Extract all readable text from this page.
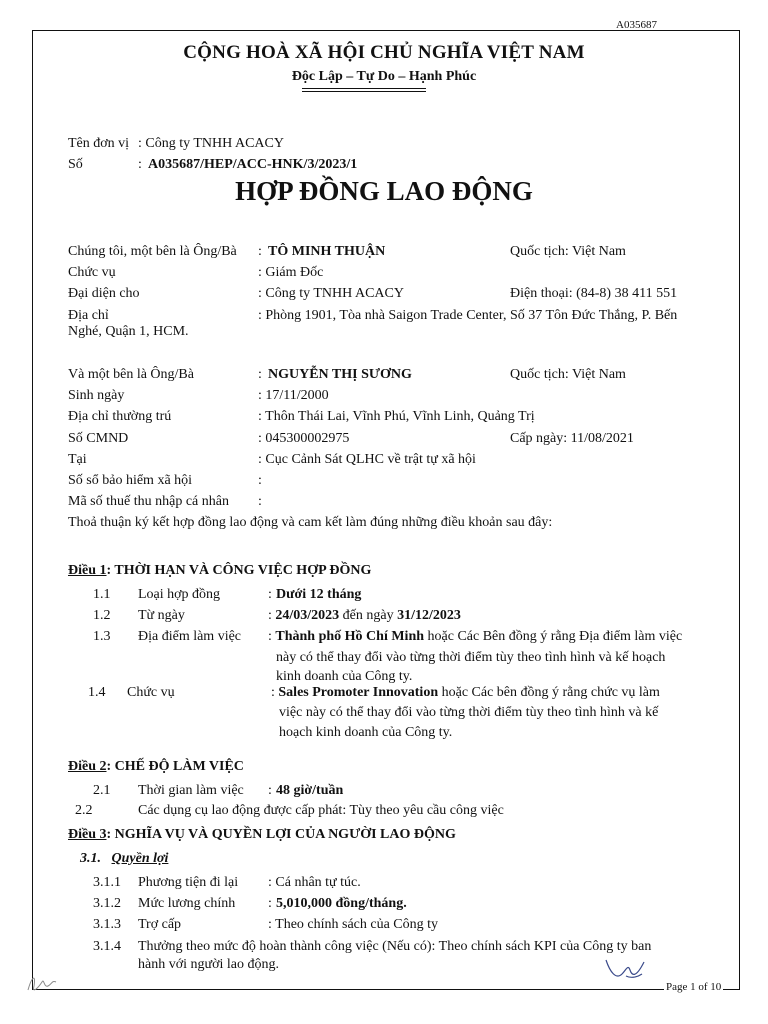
A035687
CỘNG HOÀ XÃ HỘI CHỦ NGHĨA VIỆT NAM
Độc Lập – Tự Do – Hạnh Phúc
Tên đơn vị : Công ty TNHH ACACY
Số	: A035687/HEP/ACC-HNK/3/2023/1
HỢP ĐỒNG LAO ĐỘNG
Chúng tôi, một bên là Ông/Bà : TÔ MINH THUẬN	Quốc tịch: Việt Nam
Chức vụ	: Giám Đốc
Đại diện cho	: Công ty TNHH ACACY	Điện thoại: (84-8) 38 411 551
Địa chỉ	: Phòng 1901, Tòa nhà Saigon Trade Center, Số 37 Tôn Đức Thắng, P. Bến
Nghé, Quận 1, HCM.
Và một bên là Ông/Bà	: NGUYỄN THỊ SƯƠNG	Quốc tịch: Việt Nam
Sinh ngày	: 17/11/2000
Địa chỉ thường trú	: Thôn Thái Lai, Vĩnh Phú, Vĩnh Linh, Quảng Trị
Số CMND	: 045300002975	Cấp ngày: 11/08/2021
Tại	: Cục Cảnh Sát QLHC về trật tự xã hội
Số sổ bảo hiểm xã hội	:
Mã số thuế thu nhập cá nhân :
Thoả thuận ký kết hợp đồng lao động và cam kết làm đúng những điều khoản sau đây:
Điều 1: THỜI HẠN VÀ CÔNG VIỆC HỢP ĐỒNG
1.1 Loại hợp đồng	: Dưới 12 tháng
1.2 Từ ngày	: 24/03/2023 đến ngày 31/12/2023
1.3 Địa điểm làm việc : Thành phố Hồ Chí Minh hoặc Các Bên đồng ý rằng Địa điểm làm việc
này có thể thay đổi vào từng thời điểm tùy theo tình hình và kế hoạch
kinh doanh của Công ty.
1.4 Chức vụ	: Sales Promoter Innovation hoặc Các bên đồng ý rằng chức vụ làm
việc này có thể thay đổi vào từng thời điểm tùy theo tình hình và kế
hoạch kinh doanh của Công ty.
Điều 2: CHẾ ĐỘ LÀM VIỆC
2.1 Thời gian làm việc : 48 giờ/tuần
2.2	Các dụng cụ lao động được cấp phát: Tùy theo yêu cầu công việc
Điều 3: NGHĨA VỤ VÀ QUYỀN LỢI CỦA NGƯỜI LAO ĐỘNG
3.1. Quyền lợi
3.1.1 Phương tiện đi lại : Cá nhân tự túc.
3.1.2 Mức lương chính : 5,010,000 đồng/tháng.
3.1.3 Trợ cấp	: Theo chính sách của Công ty
3.1.4 Thưởng theo mức độ hoàn thành công việc (Nếu có): Theo chính sách KPI của Công ty ban
hành với người lao động.
Page 1 of 10
